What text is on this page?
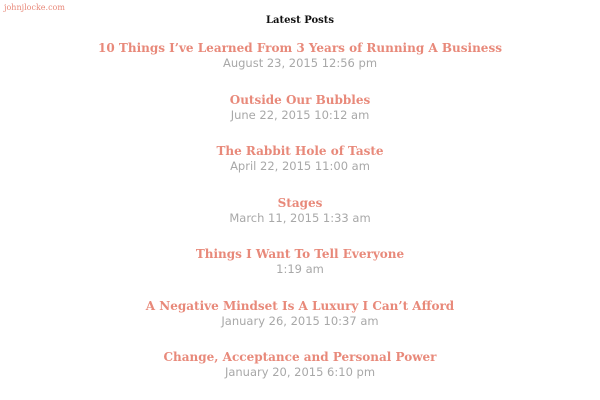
johnjlocke.com
Latest Posts
10 Things I’ve Learned From 3 Years of Running A Business
August 23, 2015 12:56 pm
Outside Our Bubbles
June 22, 2015 10:12 am
The Rabbit Hole of Taste
April 22, 2015 11:00 am
Stages
March 11, 2015 1:33 am
Things I Want To Tell Everyone
1:19 am
A Negative Mindset Is A Luxury I Can’t Afford
January 26, 2015 10:37 am
Change, Acceptance and Personal Power
January 20, 2015 6:10 pm
